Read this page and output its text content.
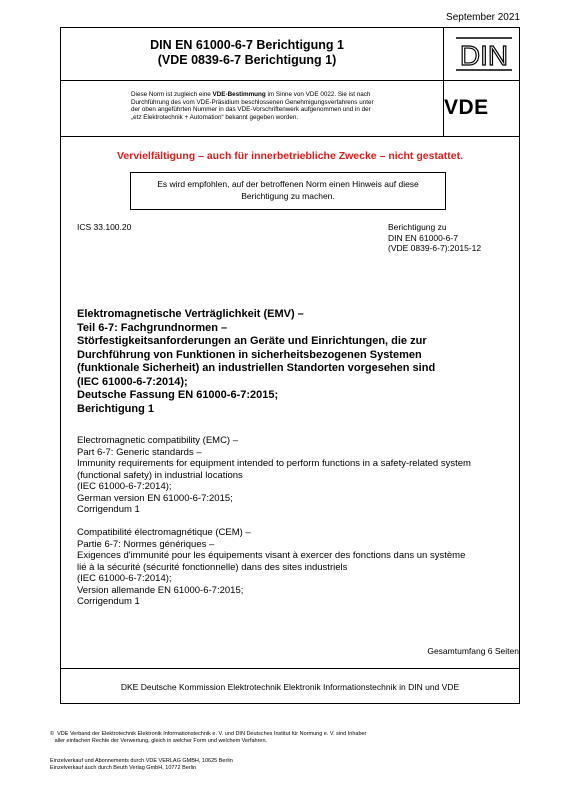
September 2021
DIN EN 61000-6-7 Berichtigung 1
(VDE 0839-6-7 Berichtigung 1)	DIN
Diese Norm ist zugleich eine VDE-Bestimmung im Sinne von VDE 0022. Sie ist nach
Durchführung des vom VDE-Präsidium beschlossenen Genehmigungsverfahrens unter
der oben angeführten Nummer in das VDE-Vorschriftenwerk aufgenommen und in der
„etz Elektrotechnik + Automation“ bekannt gegeben worden.	VDE
Vervielfältigung – auch für innerbetriebliche Zwecke – nicht gestattet.
Es wird empfohlen, auf der betroffenen Norm einen Hinweis auf diese
Berichtigung zu machen.
ICS 33.100.20	Berichtigung zu
DIN EN 61000-6-7
(VDE 0839-6-7):2015-12
Elektromagnetische Verträglichkeit (EMV) –
Teil 6-7: Fachgrundnormen –
Störfestigkeitsanforderungen an Geräte und Einrichtungen, die zur
Durchführung von Funktionen in sicherheitsbezogenen Systemen
(funktionale Sicherheit) an industriellen Standorten vorgesehen sind
(IEC 61000-6-7:2014);
Deutsche Fassung EN 61000-6-7:2015;
Berichtigung 1
Electromagnetic compatibility (EMC) –
Part 6-7: Generic standards –
Immunity requirements for equipment intended to perform functions in a safety-related system
(functional safety) in industrial locations
(IEC 61000-6-7:2014);
German version EN 61000-6-7:2015;
Corrigendum 1
Compatibilité électromagnétique (CEM) –
Partie 6-7: Normes génériques –
Exigences d'immunité pour les équipements visant à exercer des fonctions dans un système
lié à la sécurité (sécurité fonctionnelle) dans des sites industriels
(IEC 61000-6-7:2014);
Version allemande EN 61000-6-7:2015;
Corrigendum 1
Gesamtumfang 6 Seiten
DKE Deutsche Kommission Elektrotechnik Elektronik Informationstechnik in DIN und VDE
©  VDE Verband der Elektrotechnik Elektronik Informationstechnik e. V. und DIN Deutsches Institut für Normung e. V. sind Inhaber
aller einfachen Rechte der Verwertung, gleich in welcher Form und welchem Verfahren.
Einzelverkauf und Abonnements durch VDE VERLAG GMBH, 10625 Berlin
Einzelverkauf auch durch Beuth Verlag GmbH, 10772 Berlin
